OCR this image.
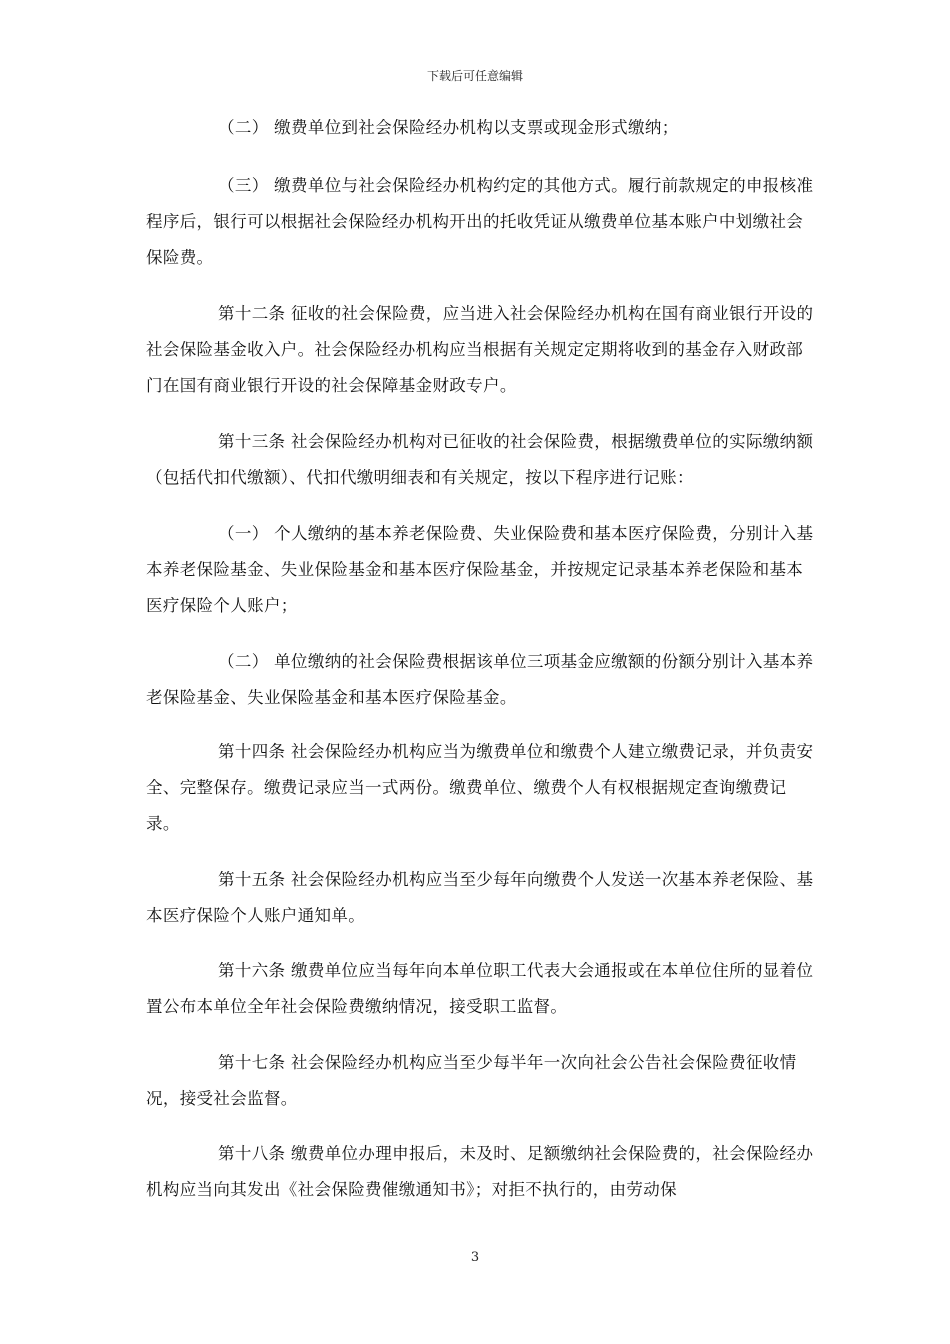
下载后可任意编辑

（二） 缴费单位到社会保险经办机构以支票或现金形式缴纳；

（三） 缴费单位与社会保险经办机构约定的其他方式。履行前款规定的申报核准程序后，银行可以根据社会保险经办机构开出的托收凭证从缴费单位基本账户中划缴社会保险费。

第十二条 征收的社会保险费，应当进入社会保险经办机构在国有商业银行开设的社会保险基金收入户。社会保险经办机构应当根据有关规定定期将收到的基金存入财政部门在国有商业银行开设的社会保障基金财政专户。

第十三条 社会保险经办机构对已征收的社会保险费，根据缴费单位的实际缴纳额（包括代扣代缴额）、代扣代缴明细表和有关规定，按以下程序进行记账：

（一） 个人缴纳的基本养老保险费、失业保险费和基本医疗保险费，分别计入基本养老保险基金、失业保险基金和基本医疗保险基金，并按规定记录基本养老保险和基本医疗保险个人账户；

（二） 单位缴纳的社会保险费根据该单位三项基金应缴额的份额分别计入基本养老保险基金、失业保险基金和基本医疗保险基金。

第十四条 社会保险经办机构应当为缴费单位和缴费个人建立缴费记录，并负责安全、完整保存。缴费记录应当一式两份。缴费单位、缴费个人有权根据规定查询缴费记录。

第十五条 社会保险经办机构应当至少每年向缴费个人发送一次基本养老保险、基本医疗保险个人账户通知单。

第十六条 缴费单位应当每年向本单位职工代表大会通报或在本单位住所的显着位置公布本单位全年社会保险费缴纳情况，接受职工监督。

第十七条 社会保险经办机构应当至少每半年一次向社会公告社会保险费征收情况，接受社会监督。

第十八条 缴费单位办理申报后，未及时、足额缴纳社会保险费的，社会保险经办机构应当向其发出《社会保险费催缴通知书》；对拒不执行的，由劳动保

3
